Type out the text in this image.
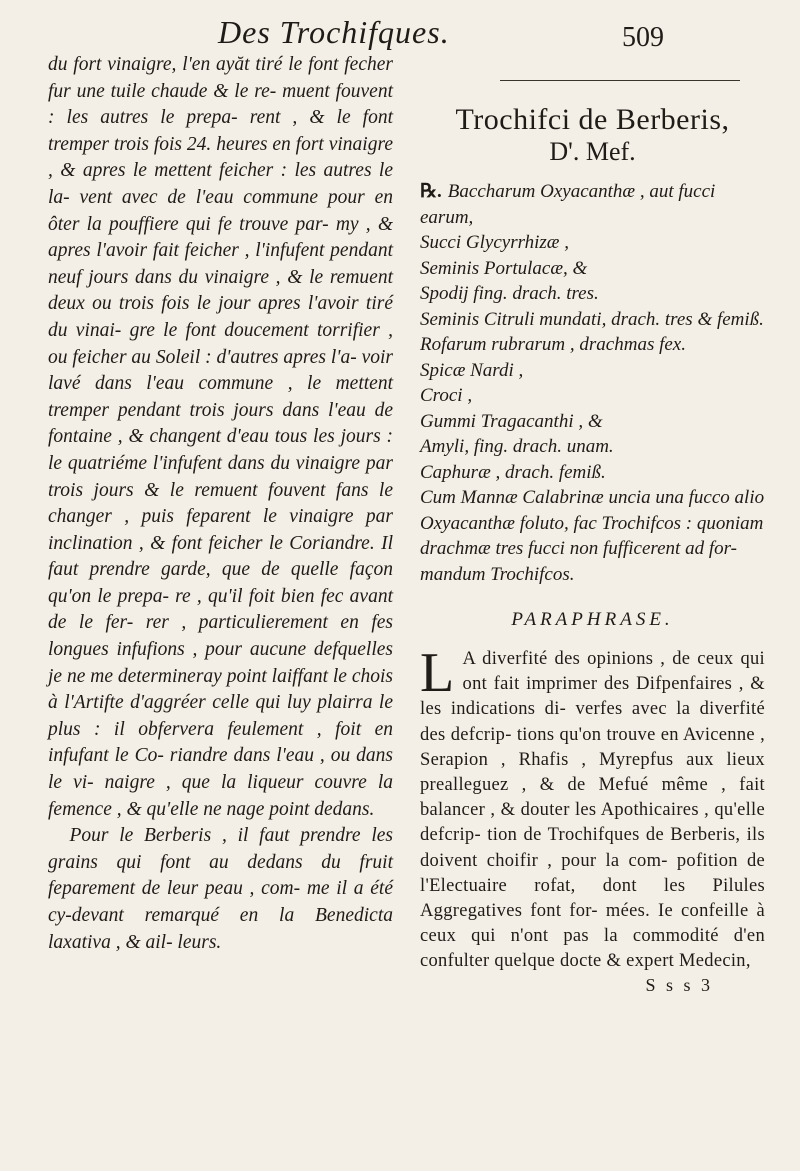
Des Trochifques.	509

du fort vinaigre, l'en ayăt tiré le font fecher fur une tuile chaude & le re- muent fouvent : les autres le prepa- rent , & le font tremper trois fois 24. heures en fort vinaigre , & apres le mettent feicher : les autres le la- vent avec de l'eau commune pour en ôter la pouffiere qui fe trouve par- my , & apres l'avoir fait feicher , l'infufent pendant neuf jours dans du vinaigre , & le remuent deux ou trois fois le jour apres l'avoir tiré du vinai- gre le font doucement torrifier , ou feicher au Soleil : d'autres apres l'a- voir lavé dans l'eau commune , le mettent tremper pendant trois jours dans l'eau de fontaine , & changent d'eau tous les jours : le quatriéme l'infufent dans du vinaigre par trois jours & le remuent fouvent fans le changer , puis feparent le vinaigre par inclination , & font feicher le Coriandre. Il faut prendre garde, que de quelle façon qu'on le prepa- re , qu'il foit bien fec avant de le fer- rer , particulierement en fes longues infufions , pour aucune defquelles je ne me determineray point laiffant le chois à l'Artifte d'aggréer celle qui luy plairra le plus : il obfervera feulement , foit en infufant le Co- riandre dans l'eau , ou dans le vi- naigre , que la liqueur couvre la femence , & qu'elle ne nage point dedans.

Pour le Berberis , il faut prendre les grains qui font au dedans du fruit feparement de leur peau , com- me il a été cy-devant remarqué en la Benedicta laxativa , & ail- leurs.

Trochifci de Berberis,
D'. Mef.

℞. Baccharum Oxyacanthæ , aut fucci earum,

Succi Glycyrrhizæ ,

Seminis Portulacæ, &

Spodij fing. drach. tres.

Seminis Citruli mundati, drach. tres & femiß.

Rofarum rubrarum , drachmas fex.

Spicæ Nardi ,

Croci ,

Gummi Tragacanthi , &

Amyli, fing. drach. unam.

Caphuræ , drach. femiß.

Cum Mannæ Calabrinæ uncia una fucco alio Oxyacanthæ foluto, fac Trochifcos : quoniam drachmæ tres fucci non fufficerent ad for- mandum Trochifcos.

PARAPHRASE.
L A diverfité des opinions , de ceux qui ont fait imprimer des Difpenfaires , & les indications di- verfes avec la diverfité des defcrip- tions qu'on trouve en Avicenne , Serapion , Rhafis , Myrepfus aux lieux prealleguez , & de Mefué même , fait balancer , & douter les Apothicaires , qu'elle defcrip- tion de Trochifques de Berberis, ils doivent choifir , pour la com- pofition de l'Electuaire rofat, dont les Pilules Aggregatives font for- mées. Ie confeille à ceux qui n'ont pas la commodité d'en confulter quelque docte & expert Medecin,
S s s 3
